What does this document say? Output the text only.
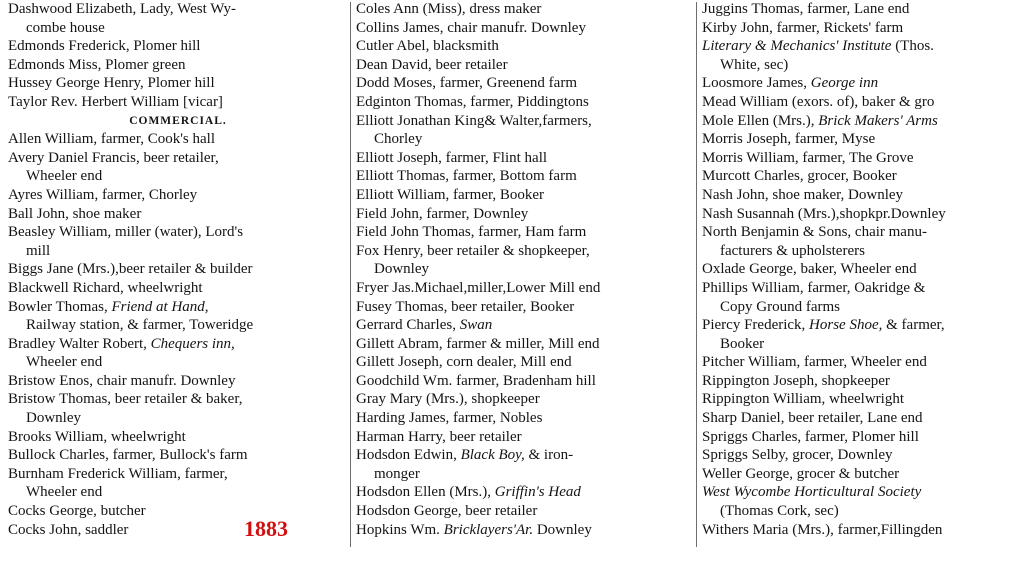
Dashwood Elizabeth, Lady, West Wy-
combe house
Edmonds Frederick, Plomer hill
Edmonds Miss, Plomer green
Hussey George Henry, Plomer hill
Taylor Rev. Herbert William [vicar]
COMMERCIAL.
Allen William, farmer, Cook's hall
Avery Daniel Francis, beer retailer,
Wheeler end
Ayres William, farmer, Chorley
Ball John, shoe maker
Beasley William, miller (water), Lord's
mill
Biggs Jane (Mrs.),beer retailer & builder
Blackwell Richard, wheelwright
Bowler Thomas, Friend at Hand,
Railway station, & farmer, Toweridge
Bradley Walter Robert, Chequers inn,
Wheeler end
Bristow Enos, chair manufr. Downley
Bristow Thomas, beer retailer & baker,
Downley
Brooks William, wheelwright
Bullock Charles, farmer, Bullock's farm
Burnham Frederick William, farmer,
Wheeler end
Cocks George, butcher
Cocks John, saddler
Coles Ann (Miss), dress maker
Collins James, chair manufr. Downley
Cutler Abel, blacksmith
Dean David, beer retailer
Dodd Moses, farmer, Greenend farm
Edginton Thomas, farmer, Piddingtons
Elliott Jonathan King& Walter,farmers,
Chorley
Elliott Joseph, farmer, Flint hall
Elliott Thomas, farmer, Bottom farm
Elliott William, farmer, Booker
Field John, farmer, Downley
Field John Thomas, farmer, Ham farm
Fox Henry, beer retailer & shopkeeper,
Downley
Fryer Jas.Michael,miller,Lower Mill end
Fusey Thomas, beer retailer, Booker
Gerrard Charles, Swan
Gillett Abram, farmer & miller, Mill end
Gillett Joseph, corn dealer, Mill end
Goodchild Wm. farmer, Bradenham hill
Gray Mary (Mrs.), shopkeeper
Harding James, farmer, Nobles
Harman Harry, beer retailer
Hodsdon Edwin, Black Boy, & iron-
monger
Hodsdon Ellen (Mrs.), Griffin's Head
Hodsdon George, beer retailer
Hopkins Wm. Bricklayers'Ar. Downley
Juggins Thomas, farmer, Lane end
Kirby John, farmer, Rickets' farm
Literary & Mechanics' Institute (Thos.
White, sec)
Loosmore James, George inn
Mead William (exors. of), baker & gro
Mole Ellen (Mrs.), Brick Makers' Arms
Morris Joseph, farmer, Myse
Morris William, farmer, The Grove
Murcott Charles, grocer, Booker
Nash John, shoe maker, Downley
Nash Susannah (Mrs.),shopkpr.Downley
North Benjamin & Sons, chair manu-
facturers & upholsterers
Oxlade George, baker, Wheeler end
Phillips William, farmer, Oakridge &
Copy Ground farms
Piercy Frederick, Horse Shoe, & farmer,
Booker
Pitcher William, farmer, Wheeler end
Rippington Joseph, shopkeeper
Rippington William, wheelwright
Sharp Daniel, beer retailer, Lane end
Spriggs Charles, farmer, Plomer hill
Spriggs Selby, grocer, Downley
Weller George, grocer & butcher
West Wycombe Horticultural Society
(Thomas Cork, sec)
Withers Maria (Mrs.), farmer,Fillingden
1883
